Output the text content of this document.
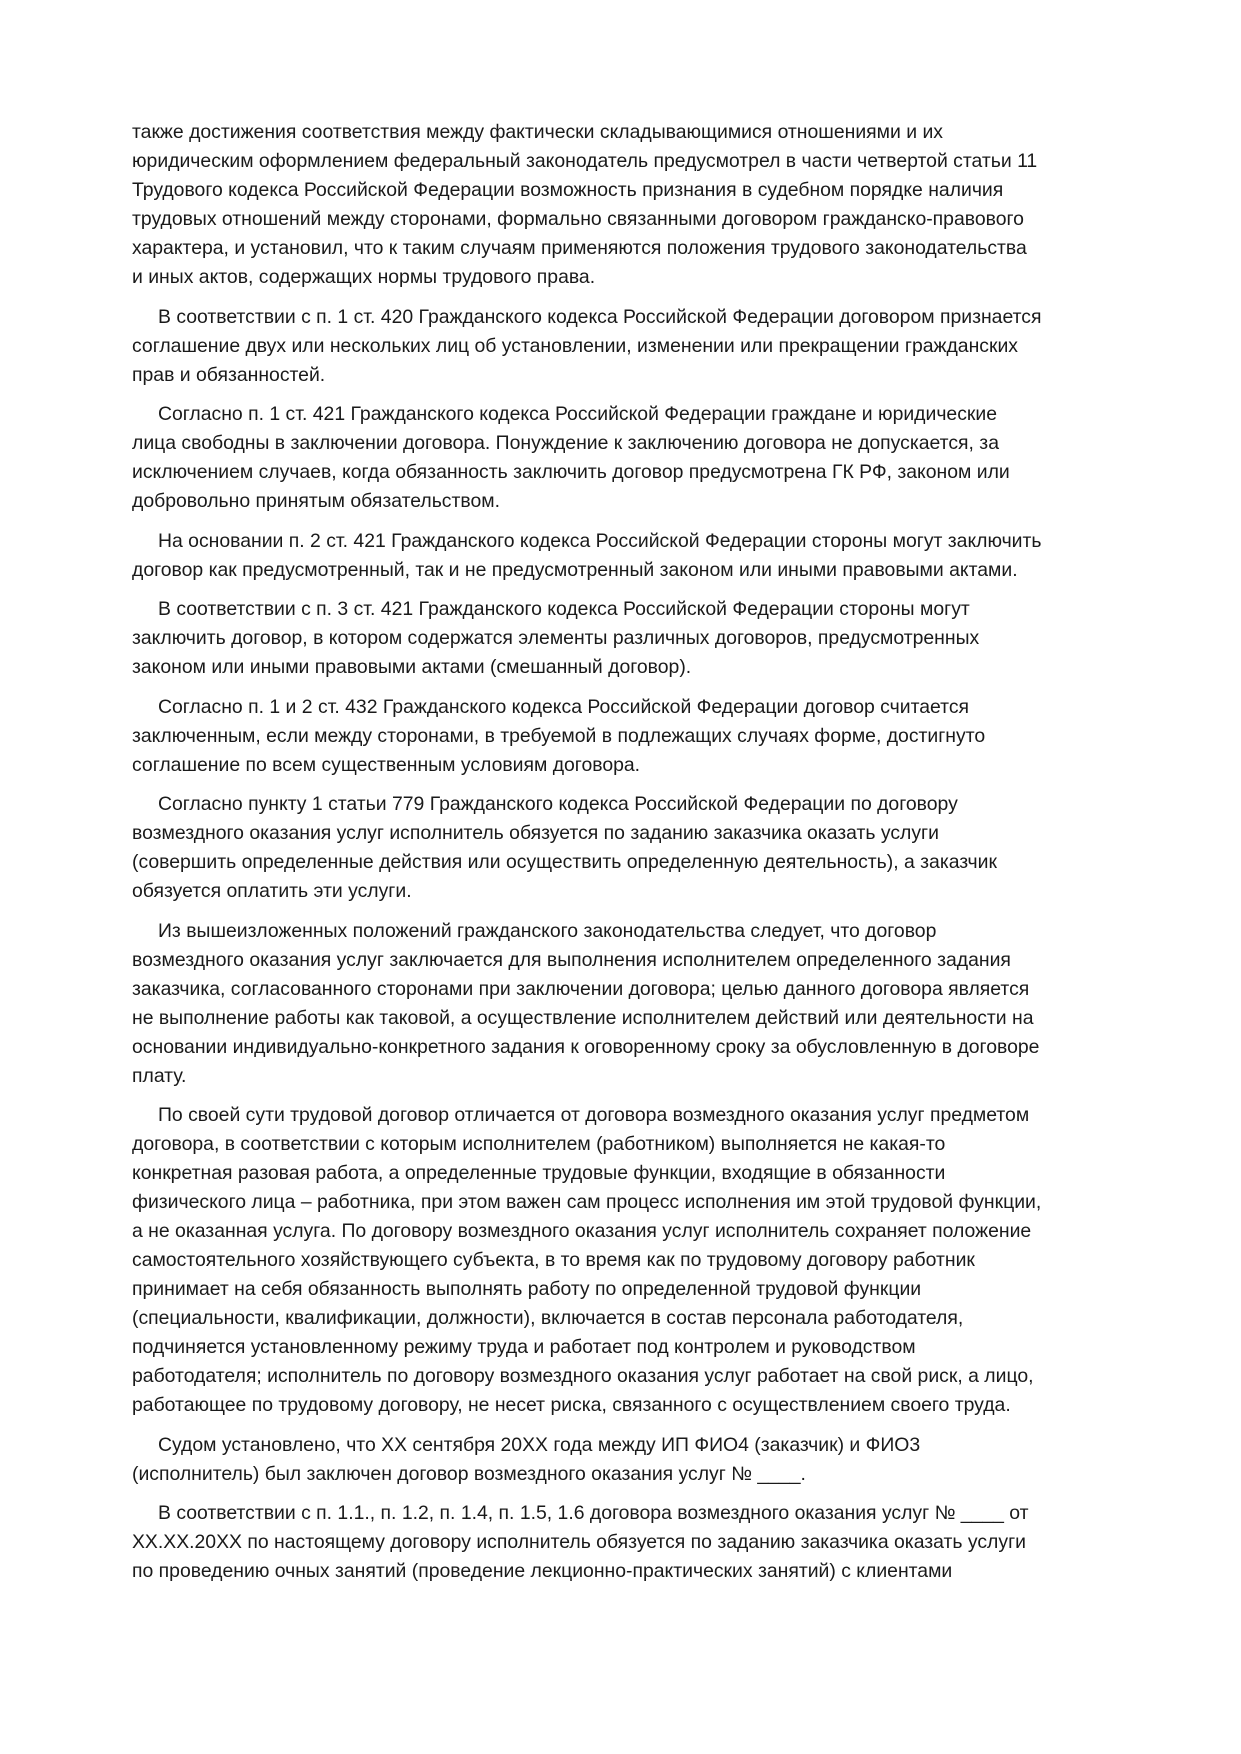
также достижения соответствия между фактически складывающимися отношениями и их
юридическим оформлением федеральный законодатель предусмотрел в части четвертой статьи 11
Трудового кодекса Российской Федерации возможность признания в судебном порядке наличия
трудовых отношений между сторонами, формально связанными договором гражданско-правового
характера, и установил, что к таким случаям применяются положения трудового законодательства
и иных актов, содержащих нормы трудового права.

В соответствии с п. 1 ст. 420 Гражданского кодекса Российской Федерации договором признается
соглашение двух или нескольких лиц об установлении, изменении или прекращении гражданских
прав и обязанностей.

Согласно п. 1 ст. 421 Гражданского кодекса Российской Федерации граждане и юридические
лица свободны в заключении договора. Понуждение к заключению договора не допускается, за
исключением случаев, когда обязанность заключить договор предусмотрена ГК РФ, законом или
добровольно принятым обязательством.

На основании п. 2 ст. 421 Гражданского кодекса Российской Федерации стороны могут заключить
договор как предусмотренный, так и не предусмотренный законом или иными правовыми актами.

В соответствии с п. 3 ст. 421 Гражданского кодекса Российской Федерации стороны могут
заключить договор, в котором содержатся элементы различных договоров, предусмотренных
законом или иными правовыми актами (смешанный договор).

Согласно п. 1 и 2 ст. 432 Гражданского кодекса Российской Федерации договор считается
заключенным, если между сторонами, в требуемой в подлежащих случаях форме, достигнуто
соглашение по всем существенным условиям договора.

Согласно пункту 1 статьи 779 Гражданского кодекса Российской Федерации по договору
возмездного оказания услуг исполнитель обязуется по заданию заказчика оказать услуги
(совершить определенные действия или осуществить определенную деятельность), а заказчик
обязуется оплатить эти услуги.

Из вышеизложенных положений гражданского законодательства следует, что договор
возмездного оказания услуг заключается для выполнения исполнителем определенного задания
заказчика, согласованного сторонами при заключении договора; целью данного договора является
не выполнение работы как таковой, а осуществление исполнителем действий или деятельности на
основании индивидуально-конкретного задания к оговоренному сроку за обусловленную в договоре
плату.

По своей сути трудовой договор отличается от договора возмездного оказания услуг предметом
договора, в соответствии с которым исполнителем (работником) выполняется не какая-то
конкретная разовая работа, а определенные трудовые функции, входящие в обязанности
физического лица – работника, при этом важен сам процесс исполнения им этой трудовой функции,
а не оказанная услуга. По договору возмездного оказания услуг исполнитель сохраняет положение
самостоятельного хозяйствующего субъекта, в то время как по трудовому договору работник
принимает на себя обязанность выполнять работу по определенной трудовой функции
(специальности, квалификации, должности), включается в состав персонала работодателя,
подчиняется установленному режиму труда и работает под контролем и руководством
работодателя; исполнитель по договору возмездного оказания услуг работает на свой риск, а лицо,
работающее по трудовому договору, не несет риска, связанного с осуществлением своего труда.

Судом установлено, что XX сентября 20XX года между ИП ФИО4 (заказчик) и ФИО3
(исполнитель) был заключен договор возмездного оказания услуг № ____.

В соответствии с п. 1.1., п. 1.2, п. 1.4, п. 1.5, 1.6 договора возмездного оказания услуг № ____ от
XX.XX.20XX по настоящему договору исполнитель обязуется по заданию заказчика оказать услуги
по проведению очных занятий (проведение лекционно-практических занятий) с клиентами
